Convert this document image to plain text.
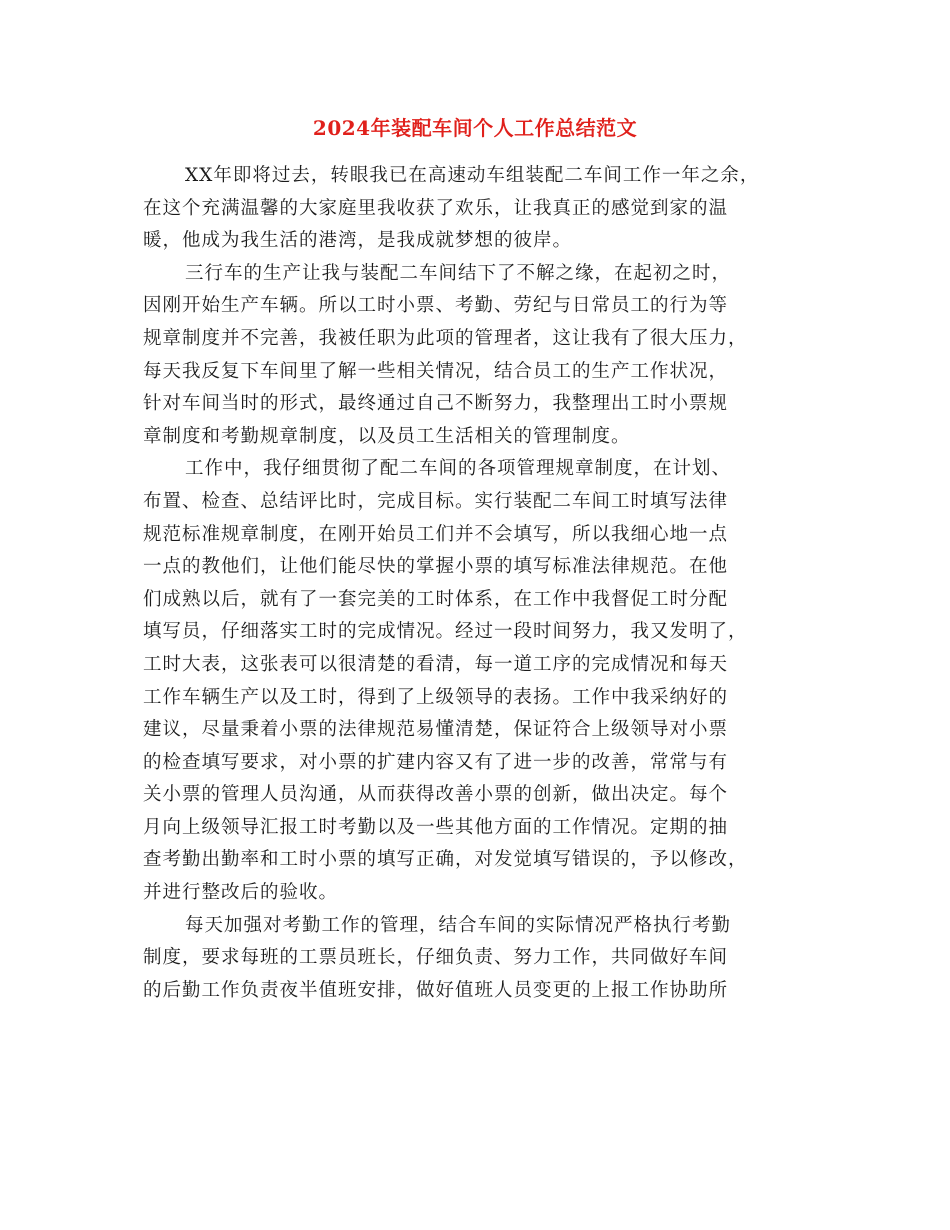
2024年装配车间个人工作总结范文
XX年即将过去，转眼我已在高速动车组装配二车间工作一年之余，
在这个充满温馨的大家庭里我收获了欢乐，让我真正的感觉到家的温
暖，他成为我生活的港湾，是我成就梦想的彼岸。
三行车的生产让我与装配二车间结下了不解之缘，在起初之时，
因刚开始生产车辆。所以工时小票、考勤、劳纪与日常员工的行为等
规章制度并不完善，我被任职为此项的管理者，这让我有了很大压力，
每天我反复下车间里了解一些相关情况，结合员工的生产工作状况，
针对车间当时的形式，最终通过自己不断努力，我整理出工时小票规
章制度和考勤规章制度，以及员工生活相关的管理制度。
工作中，我仔细贯彻了配二车间的各项管理规章制度，在计划、
布置、检查、总结评比时，完成目标。实行装配二车间工时填写法律
规范标准规章制度，在刚开始员工们并不会填写，所以我细心地一点
一点的教他们，让他们能尽快的掌握小票的填写标准法律规范。在他
们成熟以后，就有了一套完美的工时体系，在工作中我督促工时分配
填写员，仔细落实工时的完成情况。经过一段时间努力，我又发明了，
工时大表，这张表可以很清楚的看清，每一道工序的完成情况和每天
工作车辆生产以及工时，得到了上级领导的表扬。工作中我采纳好的
建议，尽量秉着小票的法律规范易懂清楚，保证符合上级领导对小票
的检查填写要求，对小票的扩建内容又有了进一步的改善，常常与有
关小票的管理人员沟通，从而获得改善小票的创新，做出决定。每个
月向上级领导汇报工时考勤以及一些其他方面的工作情况。定期的抽
查考勤出勤率和工时小票的填写正确，对发觉填写错误的，予以修改，
并进行整改后的验收。
每天加强对考勤工作的管理，结合车间的实际情况严格执行考勤
制度，要求每班的工票员班长，仔细负责、努力工作，共同做好车间
的后勤工作负责夜半值班安排，做好值班人员变更的上报工作协助所
